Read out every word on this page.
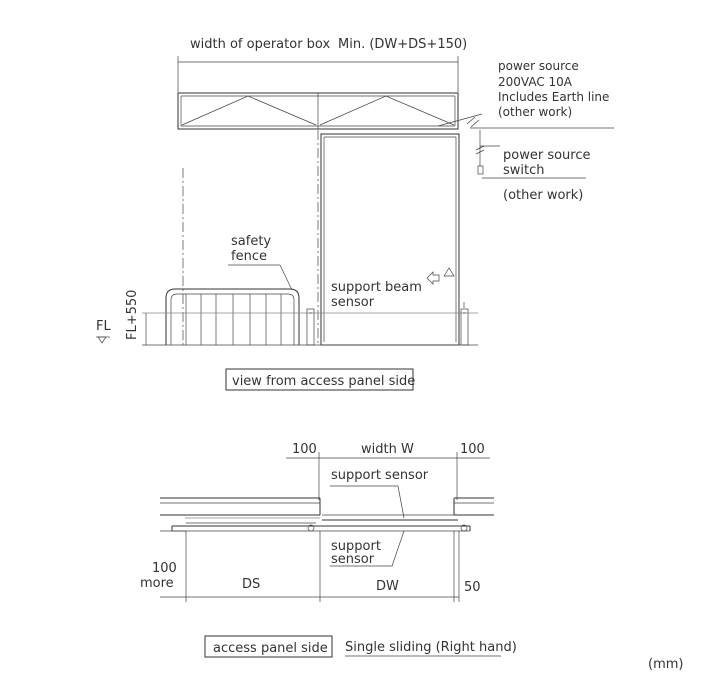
width of operator box Min. (DW+DS+150)
power source
200VAC 10A
Includes Earth line
(other work)
power source
switch
(other work)
safety
fence
FL FL+550
support beam
sensor
view from access panel side
100	width W	100
support sensor
support
sensor
100
more	DS	DW	50
access panel side Single sliding (Right hand)
(mm)
